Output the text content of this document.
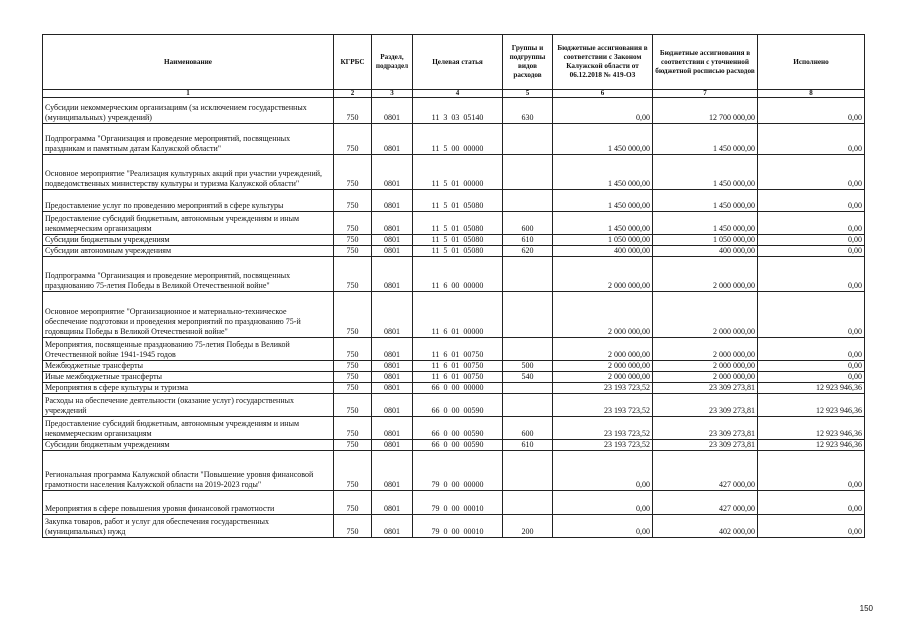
Наименование	КГРБС	Раздел, подраздел	Целевая статья	Группы и подгруппы видов расходов	Бюджетные ассигнования в соответствии с Законом Калужской области от 06.12.2018 № 419-ОЗ	Бюджетные ассигнования в соответствии с уточненной бюджетной росписью расходов	Исполнено
1	2	3	4	5	6	7	8
Субсидии некоммерческим организациям (за исключением государственных (муниципальных) учреждений)	750	0801	11  3  03  05140	630	0,00	12 700 000,00	0,00
Подпрограмма "Организация и проведение мероприятий, посвященных праздникам и памятным датам Калужской области"	750	0801	11  5  00  00000		1 450 000,00	1 450 000,00	0,00
Основное мероприятие "Реализация культурных акций при участии учреждений, подведомственных министерству культуры и туризма Калужской области"	750	0801	11  5  01  00000		1 450 000,00	1 450 000,00	0,00
Предоставление услуг по проведению мероприятий в сфере культуры	750	0801	11  5  01  05080		1 450 000,00	1 450 000,00	0,00
Предоставление субсидий бюджетным, автономным учреждениям и иным некоммерческим организациям	750	0801	11  5  01  05080	600	1 450 000,00	1 450 000,00	0,00
Субсидии бюджетным учреждениям	750	0801	11  5  01  05080	610	1 050 000,00	1 050 000,00	0,00
Субсидии автономным учреждениям	750	0801	11  5  01  05080	620	400 000,00	400 000,00	0,00
Подпрограмма "Организация и проведение мероприятий, посвященных празднованию 75-летия Победы в Великой Отечественной войне"	750	0801	11  6  00  00000		2 000 000,00	2 000 000,00	0,00
Основное мероприятие "Организационное и материально-техническое обеспечение подготовки и проведения мероприятий по празднованию 75-й годовщины Победы в Великой Отечественной войне"	750	0801	11  6  01  00000		2 000 000,00	2 000 000,00	0,00
Мероприятия, посвященные празднованию 75-летия Победы в Великой Отечественной войне 1941-1945 годов	750	0801	11  6  01  00750		2 000 000,00	2 000 000,00	0,00
Межбюджетные трансферты	750	0801	11  6  01  00750	500	2 000 000,00	2 000 000,00	0,00
Иные межбюджетные трансферты	750	0801	11  6  01  00750	540	2 000 000,00	2 000 000,00	0,00
Мероприятия в сфере культуры и туризма	750	0801	66  0  00  00000		23 193 723,52	23 309 273,81	12 923 946,36
Расходы на обеспечение деятельности (оказание услуг) государственных учреждений	750	0801	66  0  00  00590		23 193 723,52	23 309 273,81	12 923 946,36
Предоставление субсидий бюджетным, автономным учреждениям и иным некоммерческим организациям	750	0801	66  0  00  00590	600	23 193 723,52	23 309 273,81	12 923 946,36
Субсидии бюджетным учреждениям	750	0801	66  0  00  00590	610	23 193 723,52	23 309 273,81	12 923 946,36
Региональная программа Калужской области "Повышение уровня финансовой грамотности населения Калужской области на 2019-2023 годы"	750	0801	79  0  00  00000		0,00	427 000,00	0,00
Мероприятия в сфере повышения уровня финансовой грамотности	750	0801	79  0  00  00010		0,00	427 000,00	0,00
Закупка товаров, работ и услуг для обеспечения государственных (муниципальных) нужд	750	0801	79  0  00  00010	200	0,00	402 000,00	0,00
150
